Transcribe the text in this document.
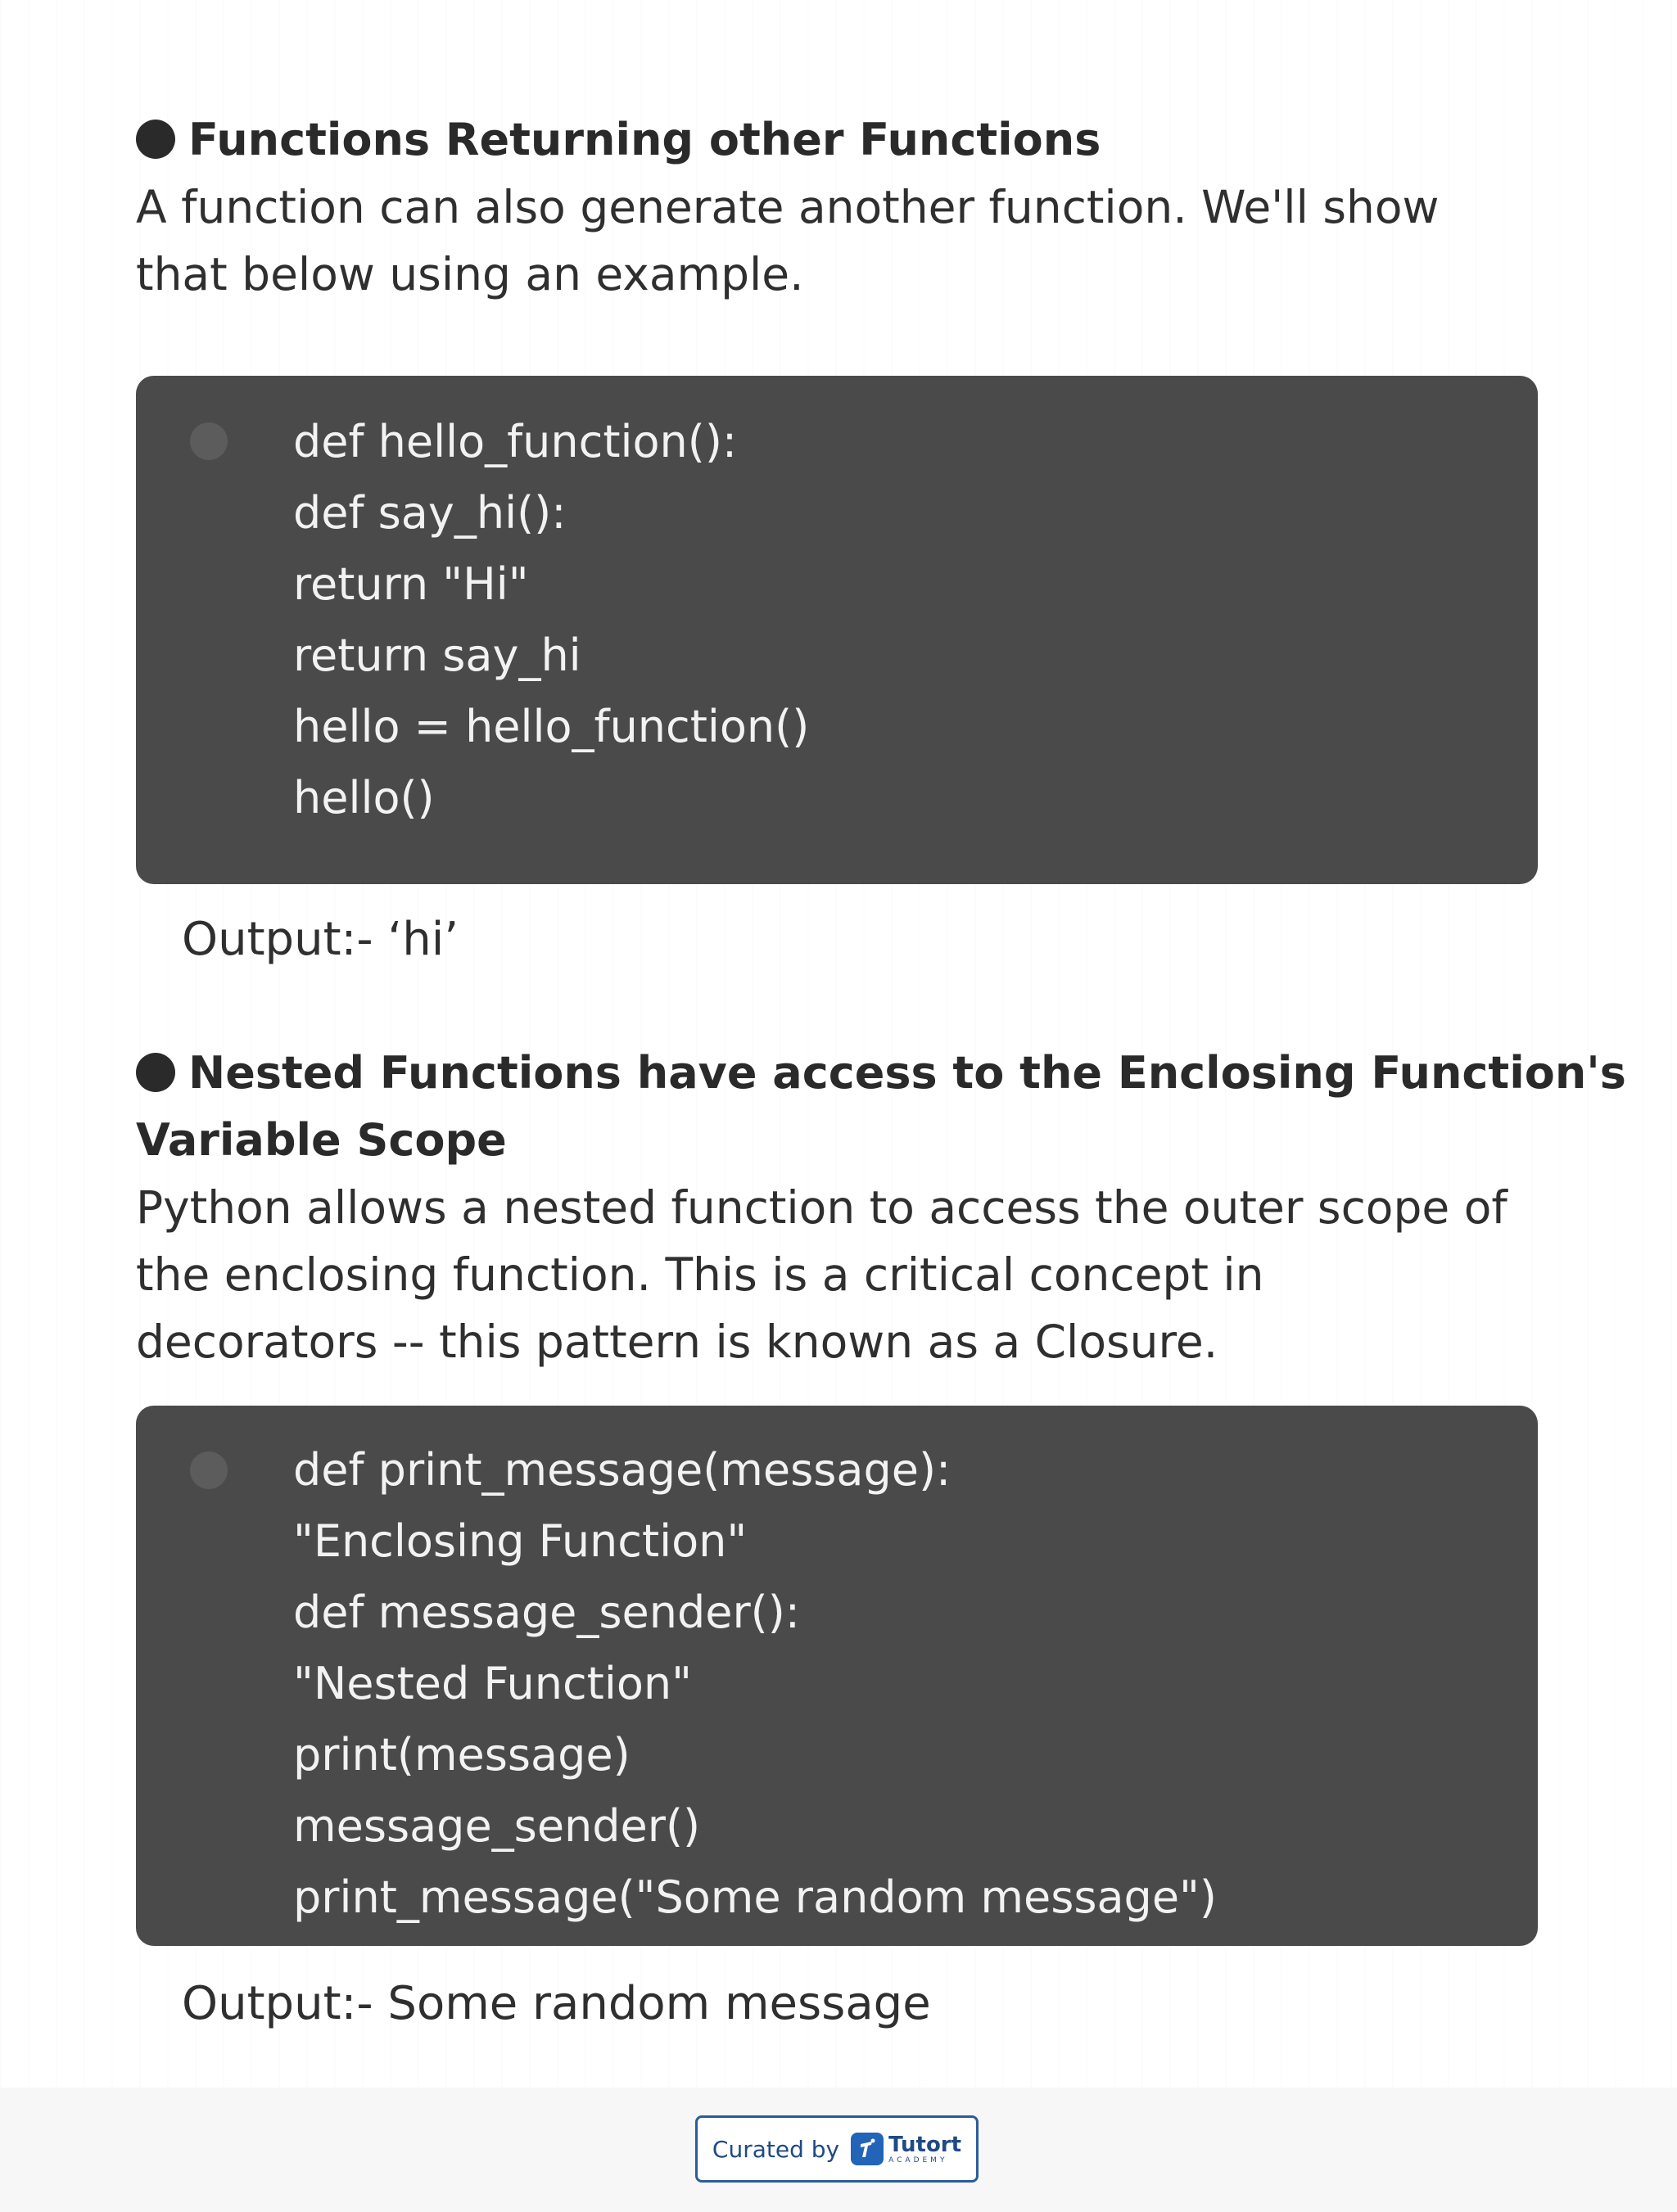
Functions Returning other Functions

A function can also generate another function. We'll show

that below using an example.

def hello_function():
def say_hi():
return "Hi"
return say_hi
hello = hello_function()
hello()
Output:- ‘hi’
Nested Functions have access to the Enclosing Function's
Variable Scope

Python allows a nested function to access the outer scope of

the enclosing function. This is a critical concept in

decorators -- this pattern is known as a Closure.

def print_message(message):
"Enclosing Function"
def message_sender():
"Nested Function"
print(message)
message_sender()
print_message("Some random message")
Output:- Some random message
Curated by Tutort
ACADEMY
